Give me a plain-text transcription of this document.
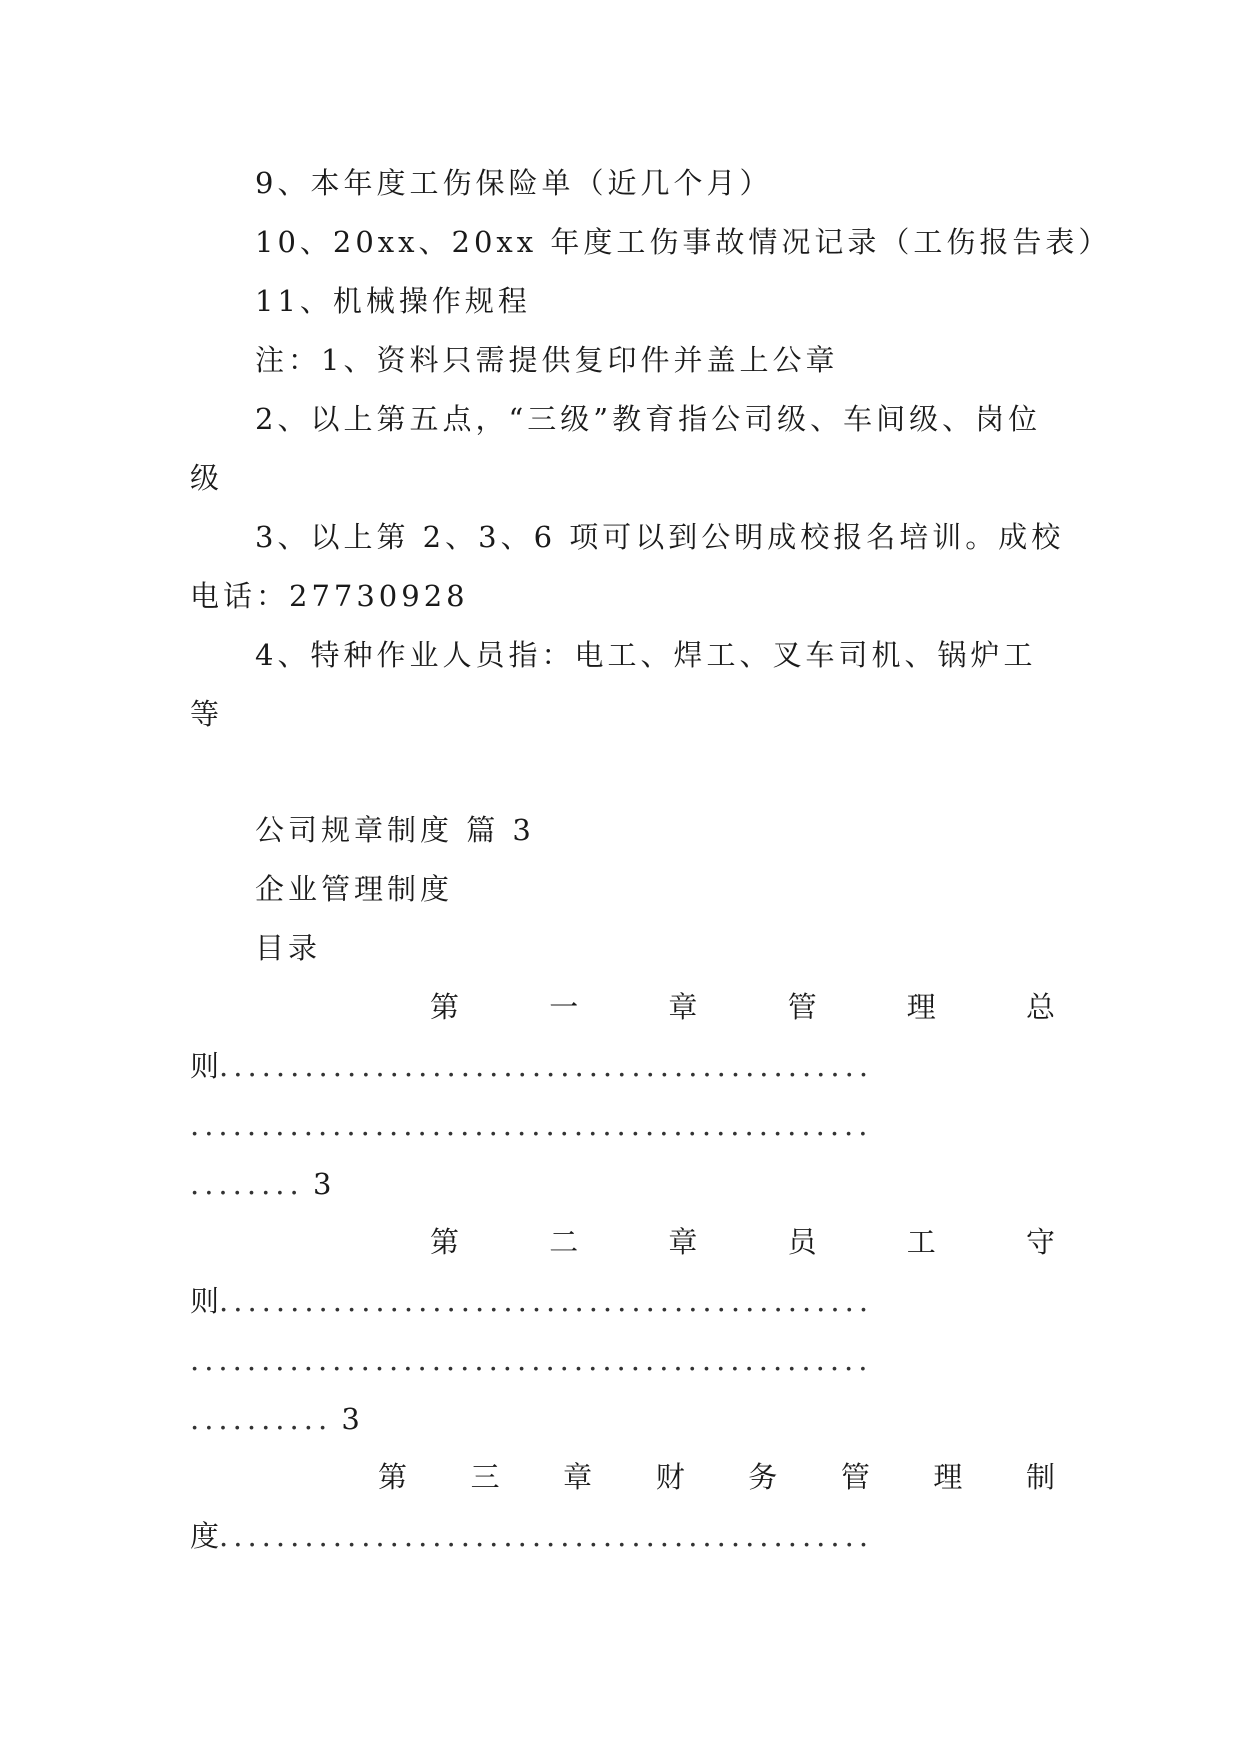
9、本年度工伤保险单（近几个月）
10、20xx、20xx 年度工伤事故情况记录（工伤报告表）
11、机械操作规程
注：1、资料只需提供复印件并盖上公章
2、以上第五点，“三级”教育指公司级、车间级、岗位
级
3、以上第 2、3、6 项可以到公明成校报名培训。成校
电话：27730928
4、特种作业人员指：电工、焊工、叉车司机、锅炉工
等
公司规章制度 篇 3
企业管理制度
目录
第	一	章	管	理	总
则..............................................
................................................
........ 3
第	二	章	员	工	守
则..............................................
................................................
.......... 3
第 三 章 财 务 管 理 制
度..............................................
